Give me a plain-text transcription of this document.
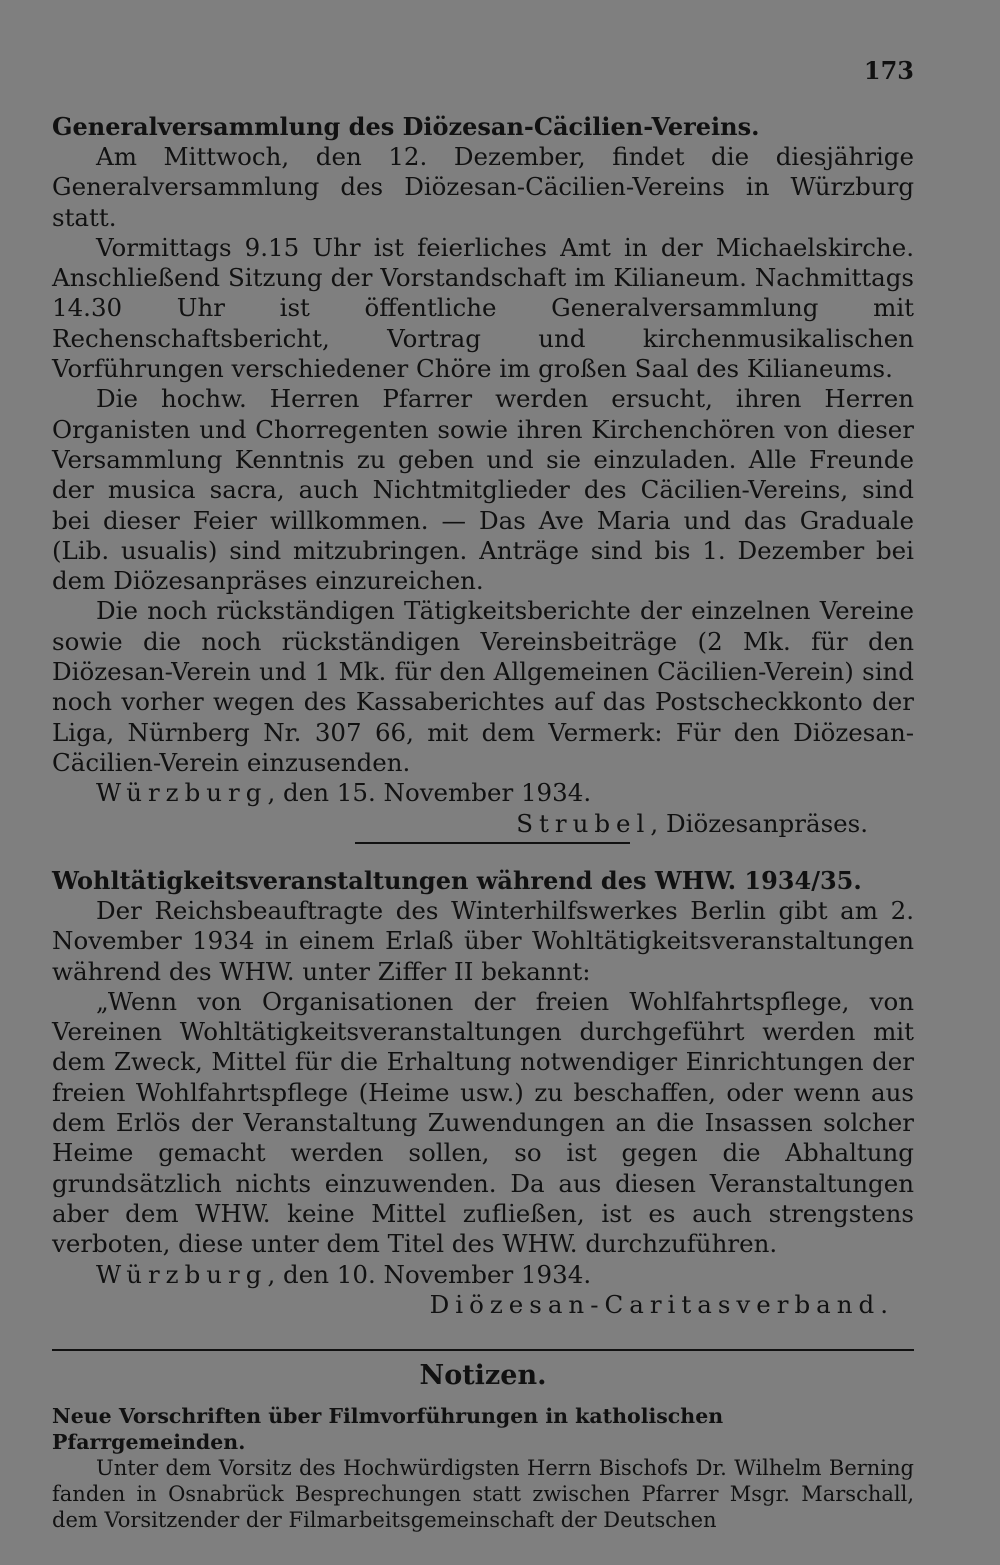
173

Generalversammlung des Diözesan-Cäcilien-Vereins.

Am Mittwoch, den 12. Dezember, findet die diesjährige Generalversammlung des Diözesan-Cäcilien-Vereins in Würzburg statt.

Vormittags 9.15 Uhr ist feierliches Amt in der Michaelskirche. Anschließend Sitzung der Vorstandschaft im Kilianeum. Nachmittags 14.30 Uhr ist öffentliche Generalversammlung mit Rechenschaftsbericht, Vortrag und kirchenmusikalischen Vorführungen verschiedener Chöre im großen Saal des Kilianeums.

Die hochw. Herren Pfarrer werden ersucht, ihren Herren Organisten und Chorregenten sowie ihren Kirchenchören von dieser Versammlung Kenntnis zu geben und sie einzuladen. Alle Freunde der musica sacra, auch Nichtmitglieder des Cäcilien-Vereins, sind bei dieser Feier willkommen. — Das Ave Maria und das Graduale (Lib. usualis) sind mitzubringen. Anträge sind bis 1. Dezember bei dem Diözesanpräses einzureichen.

Die noch rückständigen Tätigkeitsberichte der einzelnen Vereine sowie die noch rückständigen Vereinsbeiträge (2 Mk. für den Diözesan-Verein und 1 Mk. für den Allgemeinen Cäcilien-Verein) sind noch vorher wegen des Kassaberichtes auf das Postscheckkonto der Liga, Nürnberg Nr. 307 66, mit dem Vermerk: Für den Diözesan-Cäcilien-Verein einzusenden.

Würzburg, den 15. November 1934.

Strubel, Diözesanpräses.

Wohltätigkeitsveranstaltungen während des WHW. 1934/35.

Der Reichsbeauftragte des Winterhilfswerkes Berlin gibt am 2. November 1934 in einem Erlaß über Wohltätigkeitsveranstaltungen während des WHW. unter Ziffer II bekannt:

„Wenn von Organisationen der freien Wohlfahrtspflege, von Vereinen Wohltätigkeitsveranstaltungen durchgeführt werden mit dem Zweck, Mittel für die Erhaltung notwendiger Einrichtungen der freien Wohlfahrtspflege (Heime usw.) zu beschaffen, oder wenn aus dem Erlös der Veranstaltung Zuwendungen an die Insassen solcher Heime gemacht werden sollen, so ist gegen die Abhaltung grundsätzlich nichts einzuwenden. Da aus diesen Veranstaltungen aber dem WHW. keine Mittel zufließen, ist es auch strengstens verboten, diese unter dem Titel des WHW. durchzuführen.

Würzburg, den 10. November 1934.

Diözesan-Caritasverband.

Notizen.

Neue Vorschriften über Filmvorführungen in katholischen Pfarrgemeinden.

Unter dem Vorsitz des Hochwürdigsten Herrn Bischofs Dr. Wilhelm Berning fanden in Osnabrück Besprechungen statt zwischen Pfarrer Msgr. Marschall, dem Vorsitzender der Filmarbeitsgemeinschaft der Deutschen
